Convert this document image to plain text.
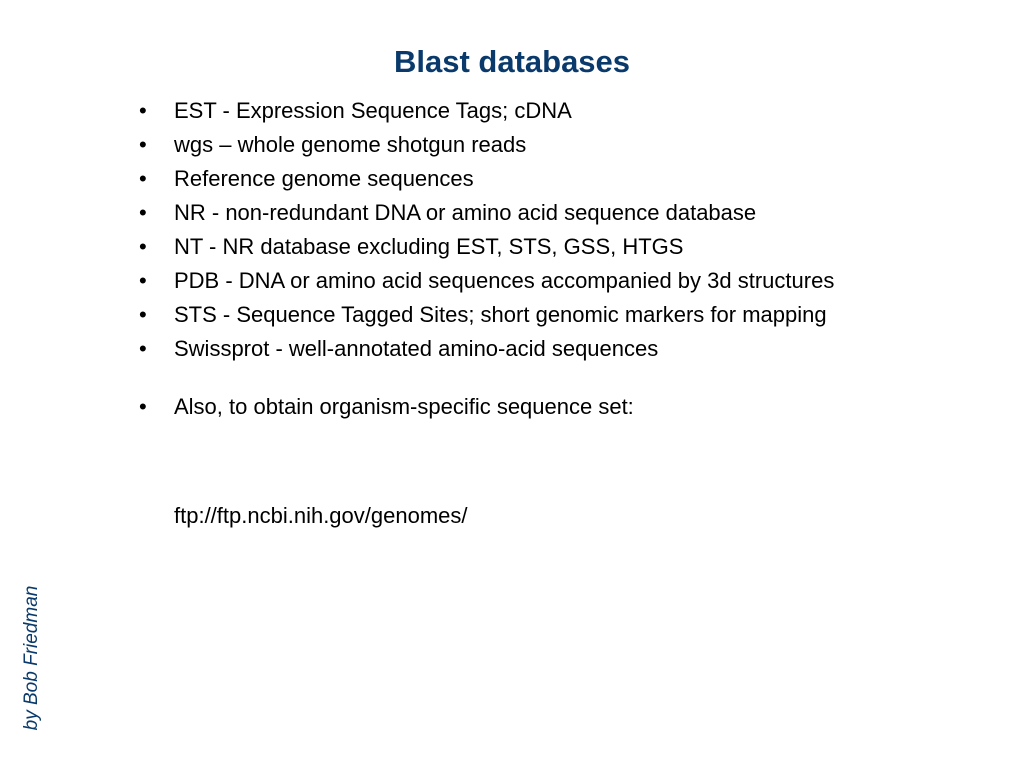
Blast databases
•	EST - Expression Sequence Tags; cDNA
•	wgs – whole genome shotgun reads
•	Reference genome sequences
•	NR - non-redundant DNA or amino acid sequence database
•	NT - NR database excluding EST, STS, GSS, HTGS
•	PDB - DNA or amino acid sequences accompanied by 3d structures
•	STS - Sequence Tagged Sites; short genomic markers for mapping
•	Swissprot - well-annotated amino-acid sequences
•	Also, to obtain organism-specific sequence set:
ftp://ftp.ncbi.nih.gov/genomes/
by Bob Friedman
